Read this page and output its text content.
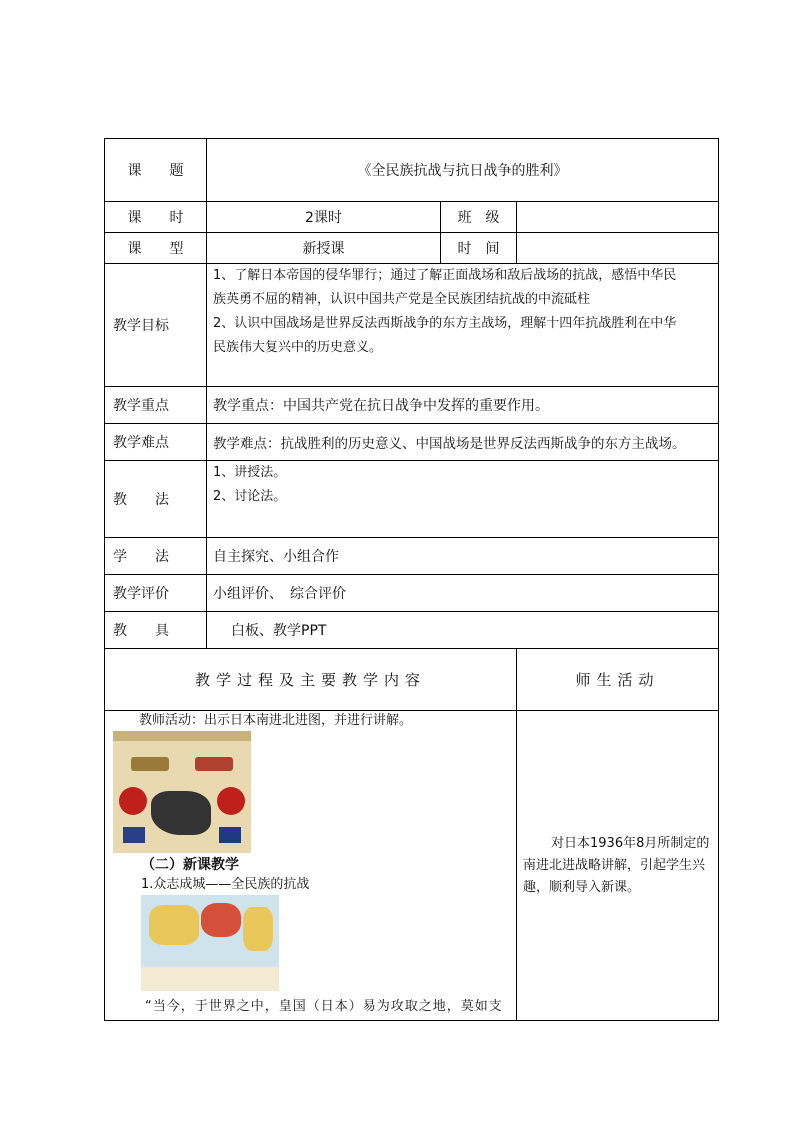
课　　题	《全民族抗战与抗日战争的胜利》		
课　　时	2课时	班　级	
课　　型	新授课	时　间	
教学目标	1、了解日本帝国的侵华罪行；通过了解正面战场和敌后战场的抗战，感悟中华民

族英勇不屈的精神，认识中国共产党是全民族团结抗战的中流砥柱

2、认识中国战场是世界反法西斯战争的东方主战场，理解十四年抗战胜利在中华

民族伟大复兴中的历史意义。		

教学重点	教学重点：中国共产党在抗日战争中发挥的重要作用。		
教学难点	教学难点：抗战胜利的历史意义、中国战场是世界反法西斯战争的东方主战场。		
教　　法	1、讲授法。

2、讨论法。		

学　　法	自主探究、小组合作		
教学评价	小组评价、　综合评价		
教　　具	白板、教学PPT		
教学过程及主要教学内容			师生活动

教师活动：出示日本南进北进图，并进行讲解。

（二）新课教学

1.众志成城——全民族的抗战

“当今，于世界之中，皇国（日本）易为攻取之地，莫如支			对日本1936年8月所制定的南进北进战略讲解，引起学生兴趣，顺利导入新课。
